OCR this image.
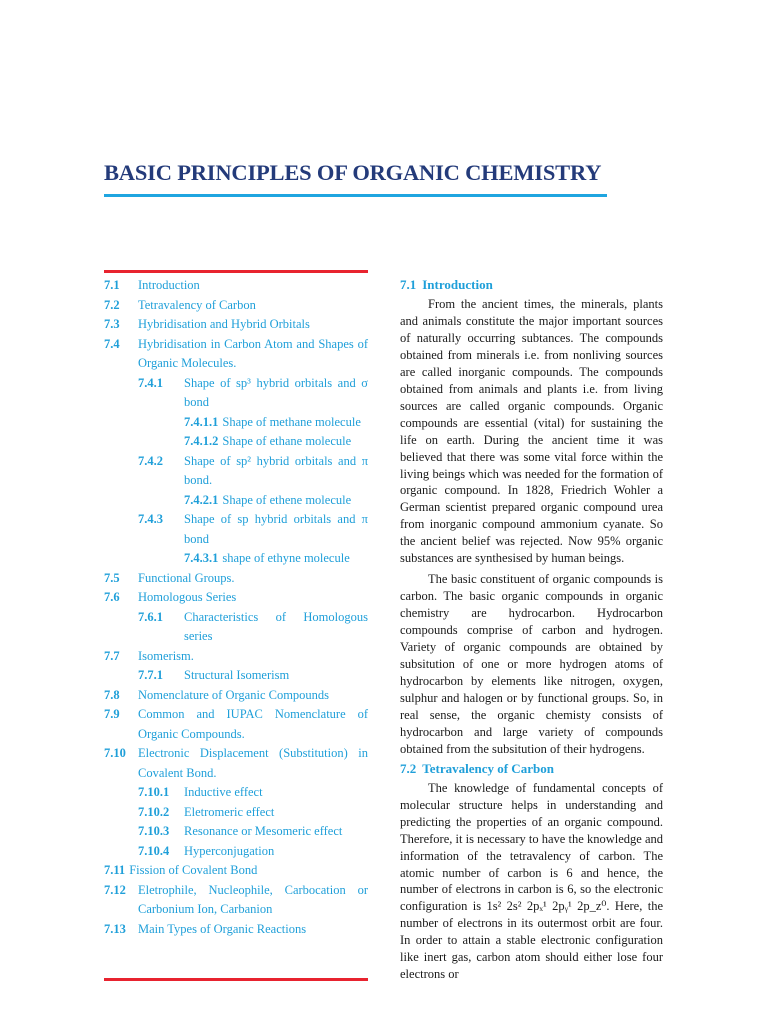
BASIC PRINCIPLES OF ORGANIC CHEMISTRY
7.1	Introduction
7.2	Tetravalency of Carbon
7.3	Hybridisation and Hybrid Orbitals
7.4	Hybridisation in Carbon Atom and Shapes of Organic Molecules.
7.4.1	Shape of sp³ hybrid orbitals and σ bond
7.4.1.1 Shape of methane molecule
7.4.1.2 Shape of ethane molecule
7.4.2	Shape of sp² hybrid orbitals and π bond.
7.4.2.1 Shape of ethene molecule
7.4.3	Shape of sp hybrid orbitals and π bond
7.4.3.1 shape of ethyne molecule
7.5	Functional Groups.
7.6	Homologous Series
7.6.1	Characteristics of Homologous series
7.7	Isomerism.
7.7.1	Structural Isomerism
7.8	Nomenclature of Organic Compounds
7.9	Common and IUPAC Nomenclature of Organic Compounds.
7.10 Electronic Displacement (Substitution) in Covalent Bond.
7.10.1	Inductive effect
7.10.2	Eletromeric effect
7.10.3	Resonance or Mesomeric effect
7.10.4	Hyperconjugation
7.11 Fission of Covalent Bond
7.12 Eletrophile, Nucleophile, Carbocation or Carbonium Ion, Carbanion
7.13 Main Types of Organic Reactions
7.1 Introduction

From the ancient times, the minerals, plants and animals constitute the major important sources of naturally occurring subtances. The compounds obtained from minerals i.e. from nonliving sources are called inorganic compounds. The compounds obtained from animals and plants i.e. from living sources are called organic compounds. Organic compounds are essential (vital) for sustaining the life on earth. During the ancient time it was believed that there was some vital force within the living beings which was needed for the formation of organic compound. In 1828, Friedrich Wohler a German scientist prepared organic compound urea from inorganic compound ammonium cyanate. So the ancient belief was rejected. Now 95% organic substances are synthesised by human beings.

The basic constituent of organic compounds is carbon. The basic organic compounds in organic chemistry are hydrocarbon. Hydrocarbon compounds comprise of carbon and hydrogen. Variety of organic compounds are obtained by subsitution of one or more hydrogen atoms of hydrocarbon by elements like nitrogen, oxygen, sulphur and halogen or by functional groups. So, in real sense, the organic chemisty consists of hydrocarbon and large variety of compounds obtained from the subsitution of their hydrogens.

7.2 Tetravalency of Carbon

The knowledge of fundamental concepts of molecular structure helps in understanding and predicting the properties of an organic compound. Therefore, it is necessary to have the knowledge and information of the tetravalency of carbon. The atomic number of carbon is 6 and hence, the number of electrons in carbon is 6, so the electronic configuration is 1s² 2s² 2pₓ¹ 2pᵧ¹ 2p_z⁰. Here, the number of electrons in its outermost orbit are four. In order to attain a stable electronic configuration like inert gas, carbon atom should either lose four electrons or
